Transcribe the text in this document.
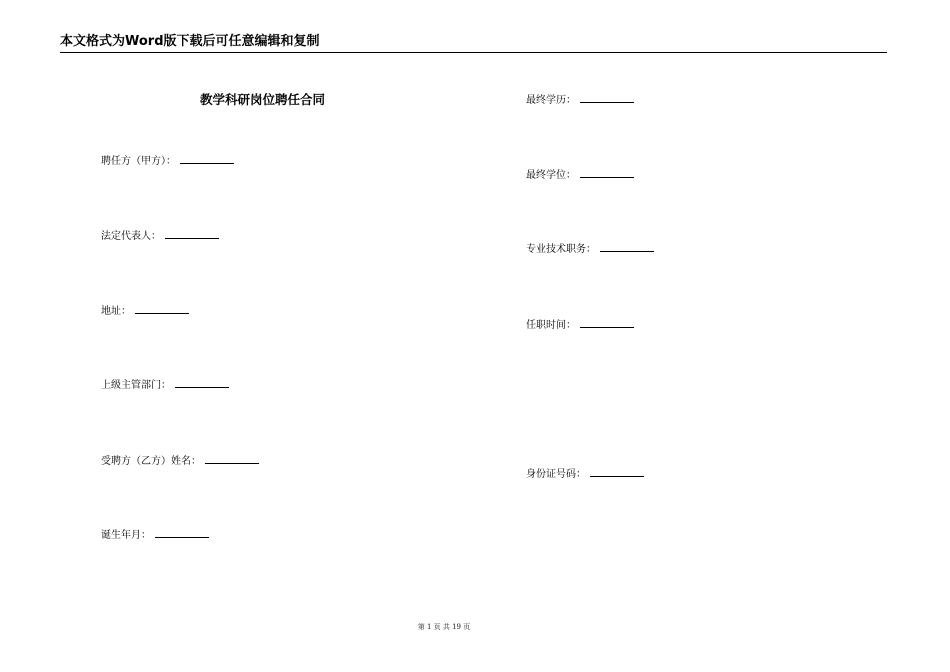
本文格式为Word版下载后可任意编辑和复制
教学科研岗位聘任合同
聘任方（甲方）：
法定代表人：
地址：
上级主管部门：
受聘方（乙方）姓名：
诞生年月：
最终学历：
最终学位：
专业技术职务：
任职时间：
身份证号码：
第 1 页 共 19 页
